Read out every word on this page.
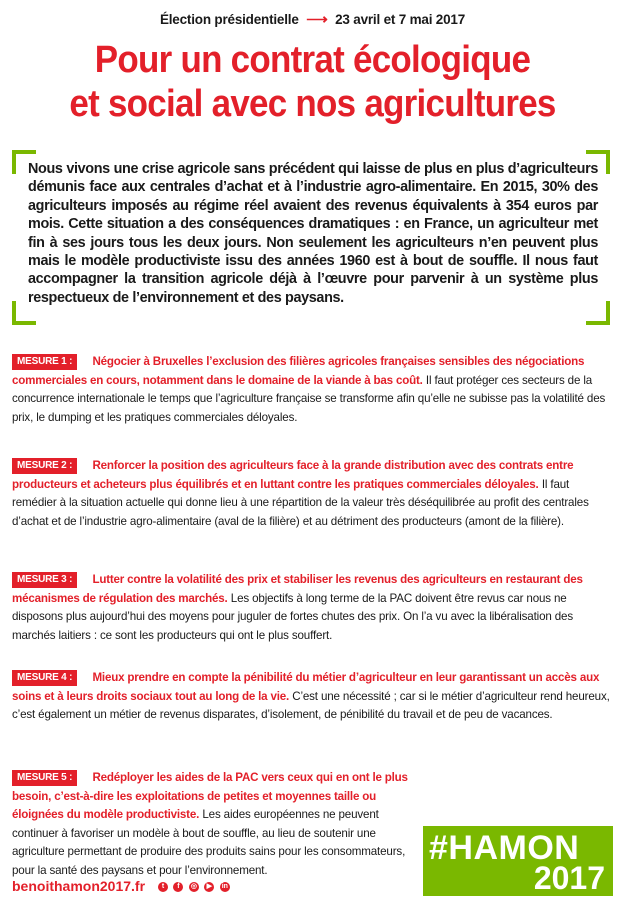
Élection présidentielle ⟶ 23 avril et 7 mai 2017
Pour un contrat écologique
et social avec nos agricultures
Nous vivons une crise agricole sans précédent qui laisse de plus en plus d’agriculteurs démunis face aux centrales d’achat et à l’industrie agro-alimentaire. En 2015, 30% des agriculteurs imposés au régime réel avaient des revenus équivalents à 354 euros par mois. Cette situation a des conséquences dramatiques : en France, un agriculteur met fin à ses jours tous les deux jours. Non seulement les agriculteurs n’en peuvent plus mais le modèle productiviste issu des années 1960 est à bout de souffle. Il nous faut accompagner la transition agricole déjà à l’œuvre pour parvenir à un système plus respectueux de l’environnement et des paysans.
MESURE 1 : Négocier à Bruxelles l’exclusion des filières agricoles françaises sensibles des négociations commerciales en cours, notamment dans le domaine de la viande à bas coût. Il faut protéger ces secteurs de la concurrence internationale le temps que l’agriculture française se transforme afin qu’elle ne subisse pas la volatilité des prix, le dumping et les pratiques commerciales déloyales.
MESURE 2 : Renforcer la position des agriculteurs face à la grande distribution avec des contrats entre producteurs et acheteurs plus équilibrés et en luttant contre les pratiques commerciales déloyales. Il faut remédier à la situation actuelle qui donne lieu à une répartition de la valeur très déséquilibrée au profit des centrales d’achat et de l’industrie agro-alimentaire (aval de la filière) et au détriment des producteurs (amont de la filière).
MESURE 3 : Lutter contre la volatilité des prix et stabiliser les revenus des agriculteurs en restaurant des mécanismes de régulation des marchés. Les objectifs à long terme de la PAC doivent être revus car nous ne disposons plus aujourd’hui des moyens pour juguler de fortes chutes des prix. On l’a vu avec la libéralisation des marchés laitiers : ce sont les producteurs qui ont le plus souffert.
MESURE 4 : Mieux prendre en compte la pénibilité du métier d’agriculteur en leur garantissant un accès aux soins et à leurs droits sociaux tout au long de la vie. C’est une nécessité ; car si le métier d’agriculteur rend heureux, c’est également un métier de revenus disparates, d’isolement, de pénibilité du travail et de peu de vacances.
MESURE 5 : Redéployer les aides de la PAC vers ceux qui en ont le plus besoin, c’est-à-dire les exploitations de petites et moyennes taille ou éloignées du modèle productiviste. Les aides européennes ne peuvent continuer à favoriser un modèle à bout de souffle, au lieu de soutenir une agriculture permettant de produire des produits sains pour les consommateurs, pour la santé des paysans et pour l’environnement.
#HAMON
2017
benoithamon2017.fr	t f ◎ ▶ in
